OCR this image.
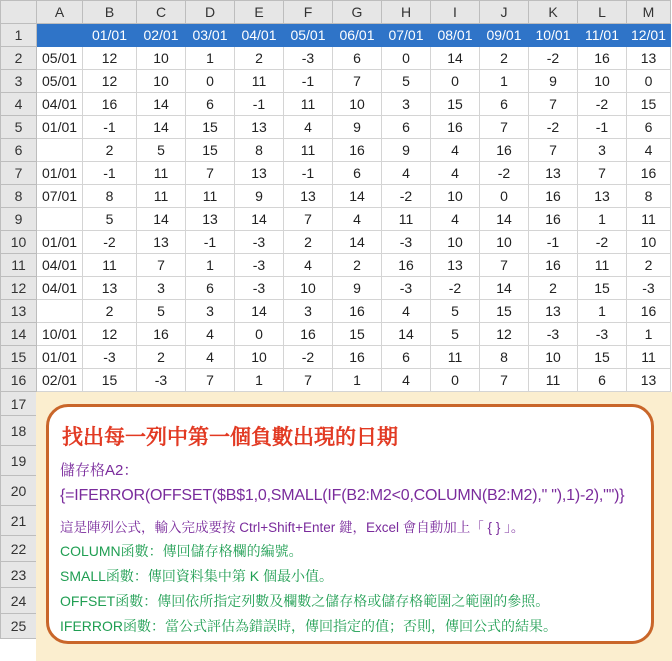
	A	B	C	D	E	F	G	H	I	J	K	L	M
1		01/01	02/01	03/01	04/01	05/01	06/01	07/01	08/01	09/01	10/01	11/01	12/01
2	05/01	12	10	1	2	-3	6	0	14	2	-2	16	13
3	05/01	12	10	0	11	-1	7	5	0	1	9	10	0
4	04/01	16	14	6	-1	11	10	3	15	6	7	-2	15
5	01/01	-1	14	15	13	4	9	6	16	7	-2	-1	6
6		2	5	15	8	11	16	9	4	16	7	3	4
7	01/01	-1	11	7	13	-1	6	4	4	-2	13	7	16
8	07/01	8	11	11	9	13	14	-2	10	0	16	13	8
9		5	14	13	14	7	4	11	4	14	16	1	11
10	01/01	-2	13	-1	-3	2	14	-3	10	10	-1	-2	10
11	04/01	11	7	1	-3	4	2	16	13	7	16	11	2
12	04/01	13	3	6	-3	10	9	-3	-2	14	2	15	-3
13		2	5	3	14	3	16	4	5	15	13	1	16
14	10/01	12	16	4	0	16	15	14	5	12	-3	-3	1
15	01/01	-3	2	4	10	-2	16	6	11	8	10	15	11
16	02/01	15	-3	7	1	7	1	4	0	7	11	6	13
17													
18													
19													
20													
21													
22													
23													
24													
25													
找出每一列中第一個負數出現的日期
儲存格A2：
{=IFERROR(OFFSET($B$1,0,SMALL(IF(B2:M2<0,COLUMN(B2:M2)," "),1)-2),"")}
這是陣列公式，輸入完成要按 Ctrl+Shift+Enter 鍵，Excel 會自動加上「 { } 」。
COLUMN函數：傳回儲存格欄的編號。
SMALL函數：傳回資料集中第 K 個最小值。
OFFSET函數：傳回依所指定列數及欄數之儲存格或儲存格範圍之範圍的參照。
IFERROR函數：當公式評估為錯誤時，傳回指定的值；否則，傳回公式的結果。
